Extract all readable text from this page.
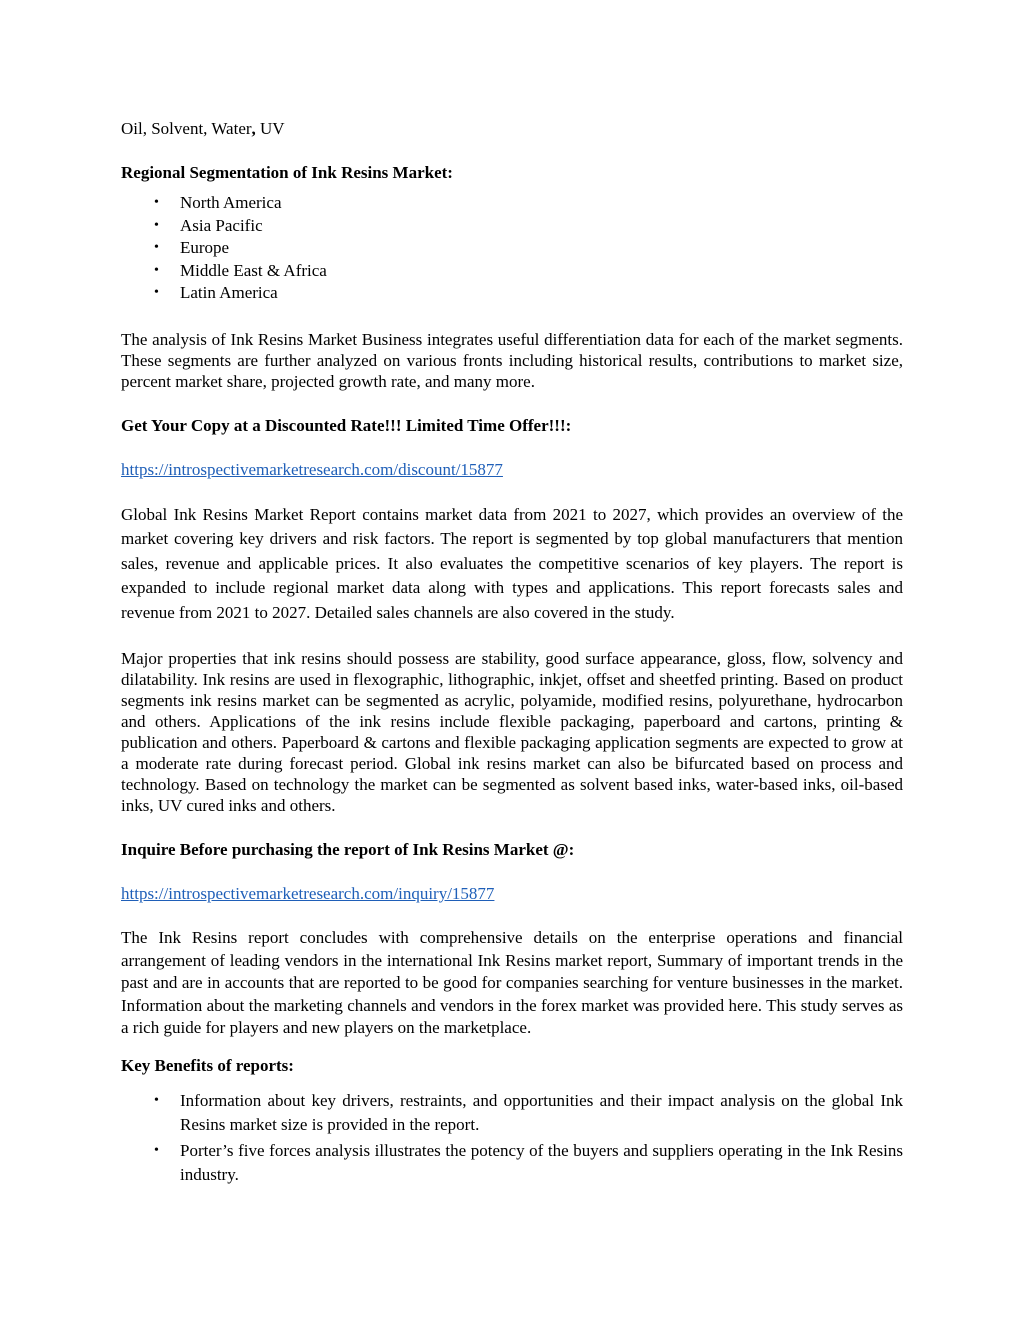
Oil, Solvent, Water, UV

Regional Segmentation of Ink Resins Market:

• North America
• Asia Pacific
• Europe
• Middle East & Africa
• Latin America

The analysis of Ink Resins Market Business integrates useful differentiation data for each of the market segments. These segments are further analyzed on various fronts including historical results, contributions to market size, percent market share, projected growth rate, and many more.

Get Your Copy at a Discounted Rate!!! Limited Time Offer!!!:

https://introspectivemarketresearch.com/discount/15877

Global Ink Resins Market Report contains market data from 2021 to 2027, which provides an overview of the market covering key drivers and risk factors. The report is segmented by top global manufacturers that mention sales, revenue and applicable prices. It also evaluates the competitive scenarios of key players. The report is expanded to include regional market data along with types and applications. This report forecasts sales and revenue from 2021 to 2027. Detailed sales channels are also covered in the study.

Major properties that ink resins should possess are stability, good surface appearance, gloss, flow, solvency and dilatability. Ink resins are used in flexographic, lithographic, inkjet, offset and sheetfed printing. Based on product segments ink resins market can be segmented as acrylic, polyamide, modified resins, polyurethane, hydrocarbon and others. Applications of the ink resins include flexible packaging, paperboard and cartons, printing & publication and others. Paperboard & cartons and flexible packaging application segments are expected to grow at a moderate rate during forecast period. Global ink resins market can also be bifurcated based on process and technology. Based on technology the market can be segmented as solvent based inks, water-based inks, oil-based inks, UV cured inks and others.

Inquire Before purchasing the report of Ink Resins Market @:

https://introspectivemarketresearch.com/inquiry/15877

The Ink Resins report concludes with comprehensive details on the enterprise operations and financial arrangement of leading vendors in the international Ink Resins market report, Summary of important trends in the past and are in accounts that are reported to be good for companies searching for venture businesses in the market. Information about the marketing channels and vendors in the forex market was provided here. This study serves as a rich guide for players and new players on the marketplace.

Key Benefits of reports:

• Information about key drivers, restraints, and opportunities and their impact analysis on the global Ink Resins market size is provided in the report.
• Porter’s five forces analysis illustrates the potency of the buyers and suppliers operating in the Ink Resins industry.
